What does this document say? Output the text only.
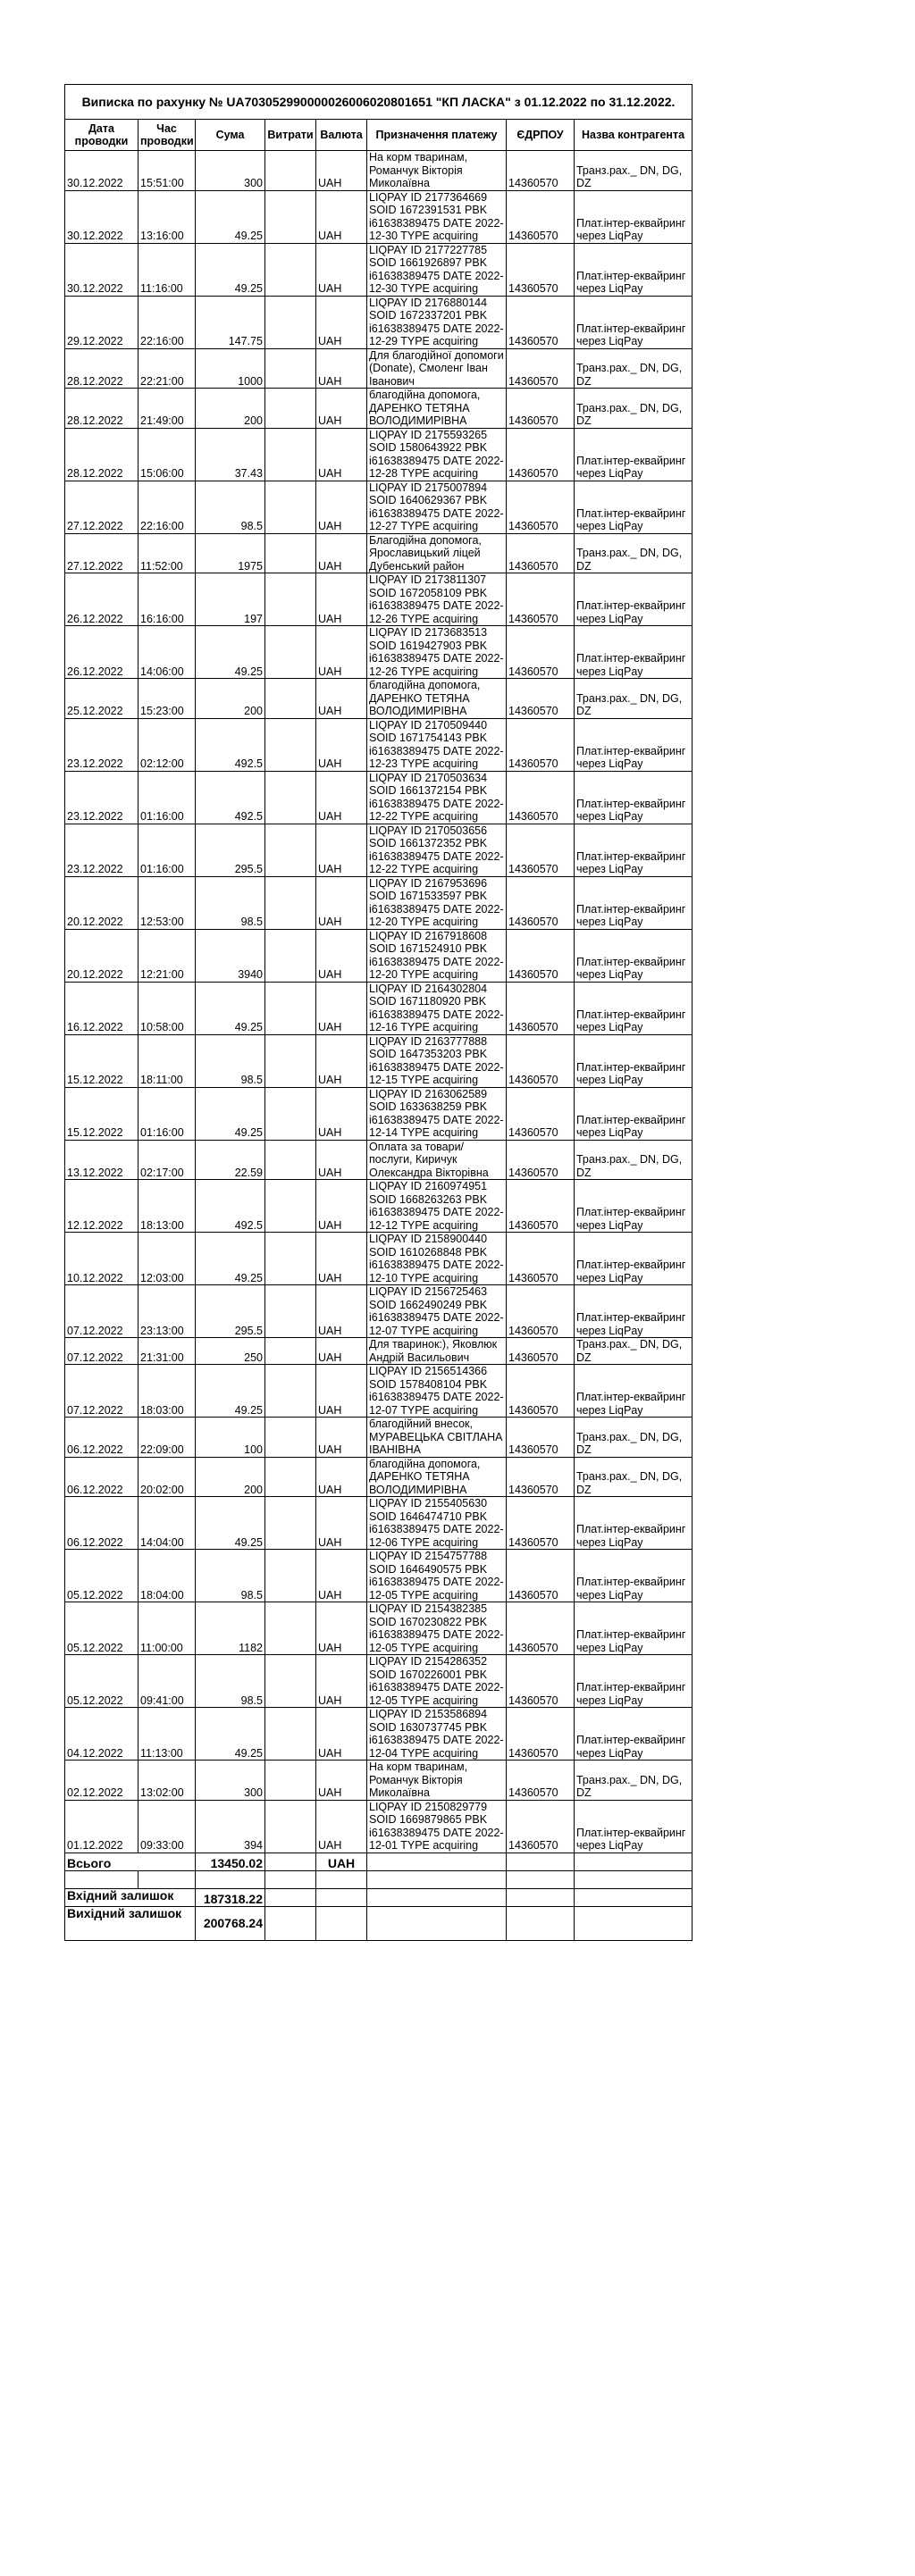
Виписка по рахунку № UA703052990000026006020801651 "КП ЛАСКА" з 01.12.2022 по 31.12.2022.							
Дата проводки	Час проводки	Сума	Витрати	Валюта	Призначення платежу	ЄДРПОУ	Назва контрагента
30.12.2022	15:51:00	300		UAH	На корм тваринам, Романчук Вікторія Миколаївна	14360570	Транз.рах._ DN, DG, DZ
30.12.2022	13:16:00	49.25		UAH	LIQPAY ID 2177364669 SOID 1672391531 PBK i61638389475 DATE 2022-12-30 TYPE acquiring	14360570	Плат.інтер-еквайринг через LiqPay
30.12.2022	11:16:00	49.25		UAH	LIQPAY ID 2177227785 SOID 1661926897 PBK i61638389475 DATE 2022-12-30 TYPE acquiring	14360570	Плат.інтер-еквайринг через LiqPay
29.12.2022	22:16:00	147.75		UAH	LIQPAY ID 2176880144 SOID 1672337201 PBK i61638389475 DATE 2022-12-29 TYPE acquiring	14360570	Плат.інтер-еквайринг через LiqPay
28.12.2022	22:21:00	1000		UAH	Для благодійної допомоги (Donate), Смоленг Іван Іванович	14360570	Транз.рах._ DN, DG, DZ
28.12.2022	21:49:00	200		UAH	благодійна допомога, ДАРЕНКО ТЕТЯНА ВОЛОДИМИРІВНА	14360570	Транз.рах._ DN, DG, DZ
28.12.2022	15:06:00	37.43		UAH	LIQPAY ID 2175593265 SOID 1580643922 PBK i61638389475 DATE 2022-12-28 TYPE acquiring	14360570	Плат.інтер-еквайринг через LiqPay
27.12.2022	22:16:00	98.5		UAH	LIQPAY ID 2175007894 SOID 1640629367 PBK i61638389475 DATE 2022-12-27 TYPE acquiring	14360570	Плат.інтер-еквайринг через LiqPay
27.12.2022	11:52:00	1975		UAH	Благодійна допомога, Ярославицький ліцей Дубенський район	14360570	Транз.рах._ DN, DG, DZ
26.12.2022	16:16:00	197		UAH	LIQPAY ID 2173811307 SOID 1672058109 PBK i61638389475 DATE 2022-12-26 TYPE acquiring	14360570	Плат.інтер-еквайринг через LiqPay
26.12.2022	14:06:00	49.25		UAH	LIQPAY ID 2173683513 SOID 1619427903 PBK i61638389475 DATE 2022-12-26 TYPE acquiring	14360570	Плат.інтер-еквайринг через LiqPay
25.12.2022	15:23:00	200		UAH	благодійна допомога, ДАРЕНКО ТЕТЯНА ВОЛОДИМИРІВНА	14360570	Транз.рах._ DN, DG, DZ
23.12.2022	02:12:00	492.5		UAH	LIQPAY ID 2170509440 SOID 1671754143 PBK i61638389475 DATE 2022-12-23 TYPE acquiring	14360570	Плат.інтер-еквайринг через LiqPay
23.12.2022	01:16:00	492.5		UAH	LIQPAY ID 2170503634 SOID 1661372154 PBK i61638389475 DATE 2022-12-22 TYPE acquiring	14360570	Плат.інтер-еквайринг через LiqPay
23.12.2022	01:16:00	295.5		UAH	LIQPAY ID 2170503656 SOID 1661372352 PBK i61638389475 DATE 2022-12-22 TYPE acquiring	14360570	Плат.інтер-еквайринг через LiqPay
20.12.2022	12:53:00	98.5		UAH	LIQPAY ID 2167953696 SOID 1671533597 PBK i61638389475 DATE 2022-12-20 TYPE acquiring	14360570	Плат.інтер-еквайринг через LiqPay
20.12.2022	12:21:00	3940		UAH	LIQPAY ID 2167918608 SOID 1671524910 PBK i61638389475 DATE 2022-12-20 TYPE acquiring	14360570	Плат.інтер-еквайринг через LiqPay
16.12.2022	10:58:00	49.25		UAH	LIQPAY ID 2164302804 SOID 1671180920 PBK i61638389475 DATE 2022-12-16 TYPE acquiring	14360570	Плат.інтер-еквайринг через LiqPay
15.12.2022	18:11:00	98.5		UAH	LIQPAY ID 2163777888 SOID 1647353203 PBK i61638389475 DATE 2022-12-15 TYPE acquiring	14360570	Плат.інтер-еквайринг через LiqPay
15.12.2022	01:16:00	49.25		UAH	LIQPAY ID 2163062589 SOID 1633638259 PBK i61638389475 DATE 2022-12-14 TYPE acquiring	14360570	Плат.інтер-еквайринг через LiqPay
13.12.2022	02:17:00	22.59		UAH	Оплата за товари/послуги, Киричук Олександра Вікторівна	14360570	Транз.рах._ DN, DG, DZ
12.12.2022	18:13:00	492.5		UAH	LIQPAY ID 2160974951 SOID 1668263263 PBK i61638389475 DATE 2022-12-12 TYPE acquiring	14360570	Плат.інтер-еквайринг через LiqPay
10.12.2022	12:03:00	49.25		UAH	LIQPAY ID 2158900440 SOID 1610268848 PBK i61638389475 DATE 2022-12-10 TYPE acquiring	14360570	Плат.інтер-еквайринг через LiqPay
07.12.2022	23:13:00	295.5		UAH	LIQPAY ID 2156725463 SOID 1662490249 PBK i61638389475 DATE 2022-12-07 TYPE acquiring	14360570	Плат.інтер-еквайринг через LiqPay
07.12.2022	21:31:00	250		UAH	Для тваринок:), Яковлюк Андрій Васильович	14360570	Транз.рах._ DN, DG, DZ
07.12.2022	18:03:00	49.25		UAH	LIQPAY ID 2156514366 SOID 1578408104 PBK i61638389475 DATE 2022-12-07 TYPE acquiring	14360570	Плат.інтер-еквайринг через LiqPay
06.12.2022	22:09:00	100		UAH	благодійний внесок, МУРАВЕЦЬКА СВІТЛАНА ІВАНІВНА	14360570	Транз.рах._ DN, DG, DZ
06.12.2022	20:02:00	200		UAH	благодійна допомога, ДАРЕНКО ТЕТЯНА ВОЛОДИМИРІВНА	14360570	Транз.рах._ DN, DG, DZ
06.12.2022	14:04:00	49.25		UAH	LIQPAY ID 2155405630 SOID 1646474710 PBK i61638389475 DATE 2022-12-06 TYPE acquiring	14360570	Плат.інтер-еквайринг через LiqPay
05.12.2022	18:04:00	98.5		UAH	LIQPAY ID 2154757788 SOID 1646490575 PBK i61638389475 DATE 2022-12-05 TYPE acquiring	14360570	Плат.інтер-еквайринг через LiqPay
05.12.2022	11:00:00	1182		UAH	LIQPAY ID 2154382385 SOID 1670230822 PBK i61638389475 DATE 2022-12-05 TYPE acquiring	14360570	Плат.інтер-еквайринг через LiqPay
05.12.2022	09:41:00	98.5		UAH	LIQPAY ID 2154286352 SOID 1670226001 PBK i61638389475 DATE 2022-12-05 TYPE acquiring	14360570	Плат.інтер-еквайринг через LiqPay
04.12.2022	11:13:00	49.25		UAH	LIQPAY ID 2153586894 SOID 1630737745 PBK i61638389475 DATE 2022-12-04 TYPE acquiring	14360570	Плат.інтер-еквайринг через LiqPay
02.12.2022	13:02:00	300		UAH	На корм тваринам, Романчук Вікторія Миколаївна	14360570	Транз.рах._ DN, DG, DZ
01.12.2022	09:33:00	394		UAH	LIQPAY ID 2150829779 SOID 1669879865 PBK i61638389475 DATE 2022-12-01 TYPE acquiring	14360570	Плат.інтер-еквайринг через LiqPay
Всього		13450.02		UAH			

Вхідний залишок		187318.22					
Вихідний залишок		200768.24					
